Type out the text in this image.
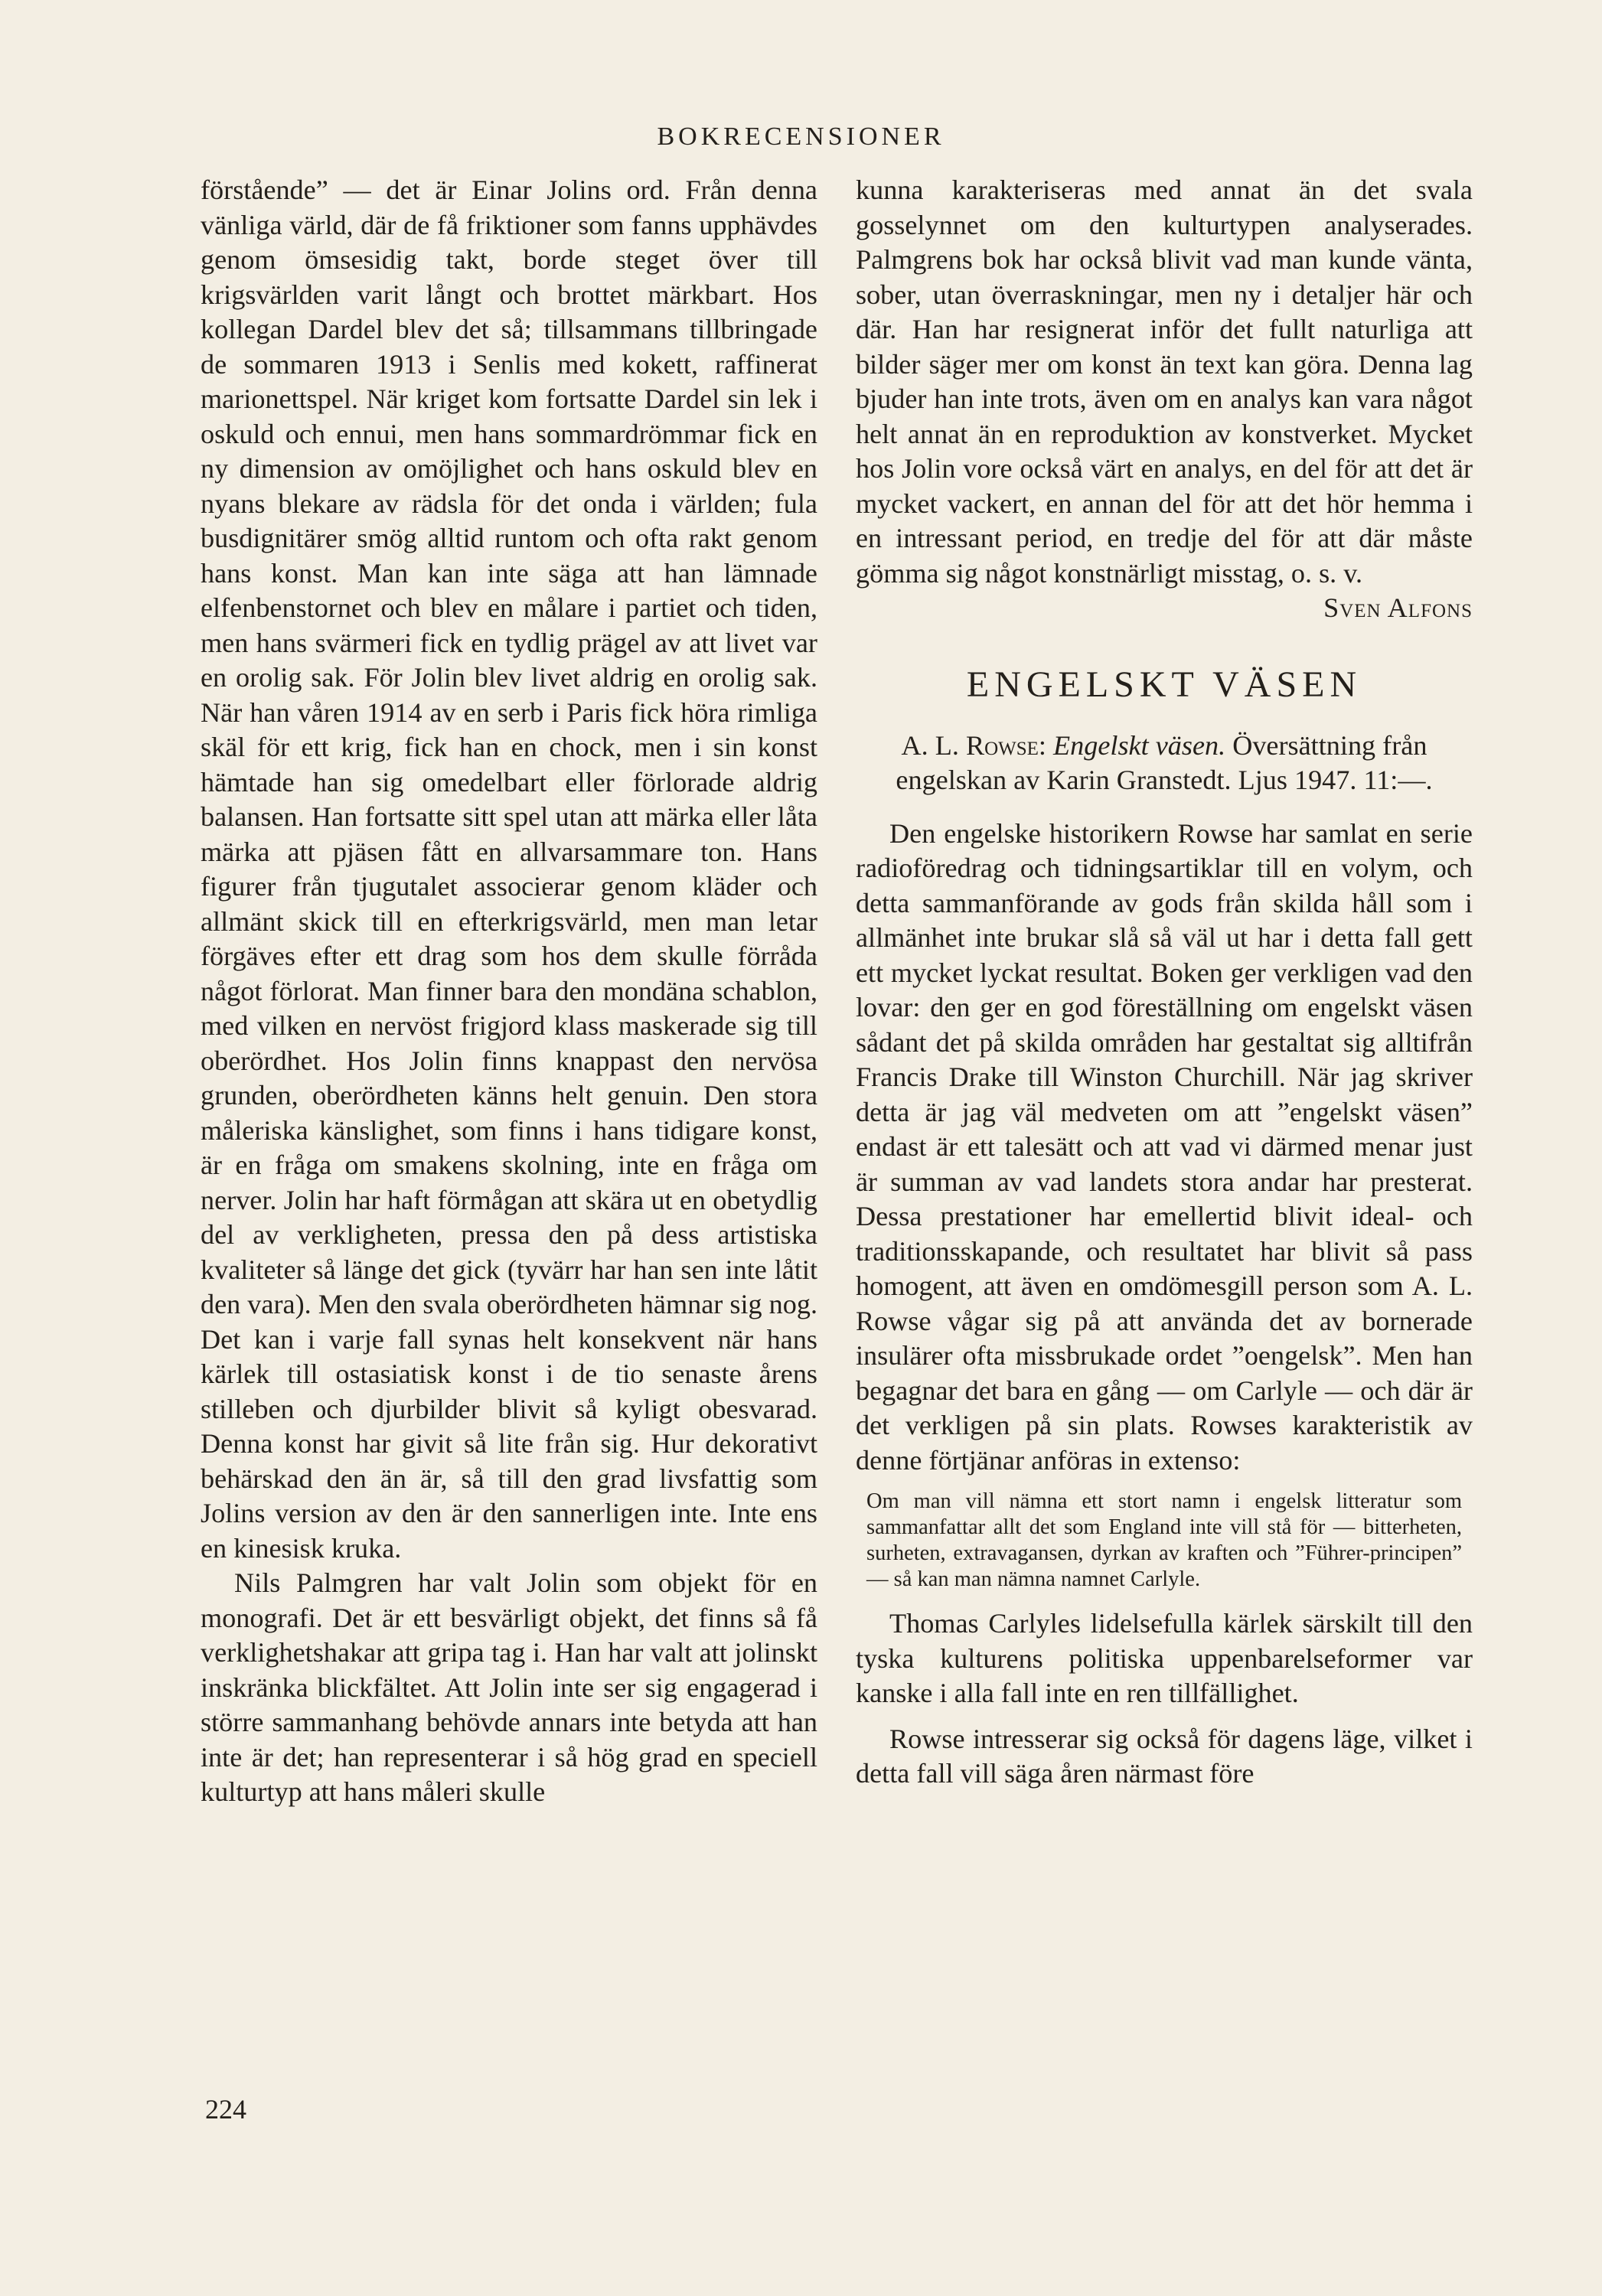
BOKRECENSIONER

förstående” — det är Einar Jolins ord. Från denna vänliga värld, där de få friktioner som fanns upphävdes genom ömsesidig takt, borde steget över till krigsvärlden varit långt och brottet märkbart. Hos kollegan Dardel blev det så; tillsammans tillbringade de sommaren 1913 i Senlis med kokett, raffinerat marionettspel. När kriget kom fortsatte Dardel sin lek i oskuld och ennui, men hans sommardrömmar fick en ny dimension av omöjlighet och hans oskuld blev en nyans blekare av rädsla för det onda i världen; fula busdignitärer smög alltid runtom och ofta rakt genom hans konst. Man kan inte säga att han lämnade elfenbenstornet och blev en målare i partiet och tiden, men hans svärmeri fick en tydlig prägel av att livet var en orolig sak. För Jolin blev livet aldrig en orolig sak. När han våren 1914 av en serb i Paris fick höra rimliga skäl för ett krig, fick han en chock, men i sin konst hämtade han sig omedelbart eller förlorade aldrig balansen. Han fortsatte sitt spel utan att märka eller låta märka att pjäsen fått en allvarsammare ton. Hans figurer från tjugutalet associerar genom kläder och allmänt skick till en efterkrigsvärld, men man letar förgäves efter ett drag som hos dem skulle förråda något förlorat. Man finner bara den mondäna schablon, med vilken en nervöst frigjord klass maskerade sig till oberördhet. Hos Jolin finns knappast den nervösa grunden, oberördheten känns helt genuin. Den stora måleriska känslighet, som finns i hans tidigare konst, är en fråga om smakens skolning, inte en fråga om nerver. Jolin har haft förmågan att skära ut en obetydlig del av verkligheten, pressa den på dess artistiska kvaliteter så länge det gick (tyvärr har han sen inte låtit den vara). Men den svala oberördheten hämnar sig nog. Det kan i varje fall synas helt konsekvent när hans kärlek till ostasiatisk konst i de tio senaste årens stilleben och djurbilder blivit så kyligt obesvarad. Denna konst har givit så lite från sig. Hur dekorativt behärskad den än är, så till den grad livsfattig som Jolins version av den är den sannerligen inte. Inte ens en kinesisk kruka.

Nils Palmgren har valt Jolin som objekt för en monografi. Det är ett besvärligt objekt, det finns så få verklighetshakar att gripa tag i. Han har valt att jolinskt inskränka blickfältet. Att Jolin inte ser sig engagerad i större sammanhang behövde annars inte betyda att han inte är det; han representerar i så hög grad en speciell kulturtyp att hans måleri skulle

kunna karakteriseras med annat än det svala gosselynnet om den kulturtypen analyserades. Palmgrens bok har också blivit vad man kunde vänta, sober, utan överraskningar, men ny i detaljer här och där. Han har resignerat inför det fullt naturliga att bilder säger mer om konst än text kan göra. Denna lag bjuder han inte trots, även om en analys kan vara något helt annat än en reproduktion av konstverket. Mycket hos Jolin vore också värt en analys, en del för att det är mycket vackert, en annan del för att det hör hemma i en intressant period, en tredje del för att där måste gömma sig något konstnärligt misstag, o. s. v.

Sven Alfons

ENGELSKT VÄSEN

A. L. Rowse: Engelskt väsen. Översättning från engelskan av Karin Granstedt. Ljus 1947. 11:—.

Den engelske historikern Rowse har samlat en serie radioföredrag och tidningsartiklar till en volym, och detta sammanförande av gods från skilda håll som i allmänhet inte brukar slå så väl ut har i detta fall gett ett mycket lyckat resultat. Boken ger verkligen vad den lovar: den ger en god föreställning om engelskt väsen sådant det på skilda områden har gestaltat sig alltifrån Francis Drake till Winston Churchill. När jag skriver detta är jag väl medveten om att ”engelskt väsen” endast är ett talesätt och att vad vi därmed menar just är summan av vad landets stora andar har presterat. Dessa prestationer har emellertid blivit ideal- och traditionsskapande, och resultatet har blivit så pass homogent, att även en omdömesgill person som A. L. Rowse vågar sig på att använda det av bornerade insulärer ofta missbrukade ordet ”oengelsk”. Men han begagnar det bara en gång — om Carlyle — och där är det verkligen på sin plats. Rowses karakteristik av denne förtjänar anföras in extenso:

Om man vill nämna ett stort namn i engelsk litteratur som sammanfattar allt det som England inte vill stå för — bitterheten, surheten, extravagansen, dyrkan av kraften och ”Führer-principen” — så kan man nämna namnet Carlyle.

Thomas Carlyles lidelsefulla kärlek särskilt till den tyska kulturens politiska uppenbarelseformer var kanske i alla fall inte en ren tillfällighet.

Rowse intresserar sig också för dagens läge, vilket i detta fall vill säga åren närmast före

224
